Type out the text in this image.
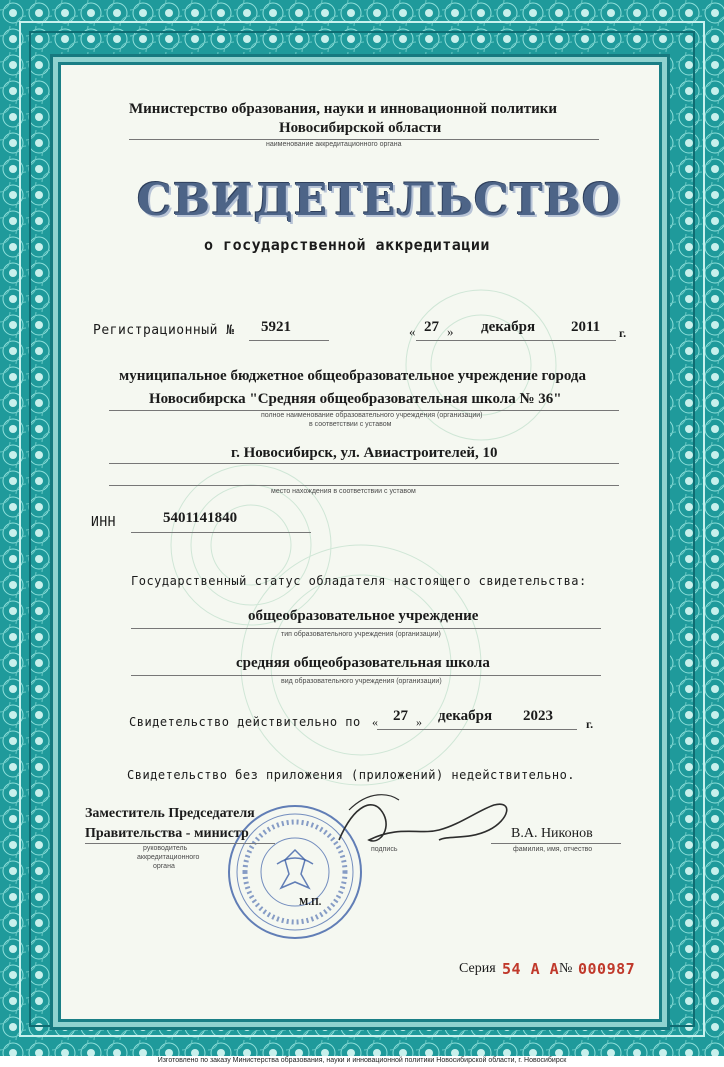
Министерство образования, науки и инновационной политики
Новосибирской области
наименование аккредитационного органа
СВИДЕТЕЛЬСТВО
о государственной аккредитации
Регистрационный № 5921	« 27 » декабря 2011 г.
муниципальное бюджетное общеобразовательное учреждение города
Новосибирска "Средняя общеобразовательная школа № 36"
полное наименование образовательного учреждения (организации)
в соответствии с уставом
г. Новосибирск, ул. Авиастроителей, 10
место нахождения в соответствии с уставом
ИНН	5401141840
Государственный статус обладателя настоящего свидетельства:
общеобразовательное учреждение
тип образовательного учреждения (организации)
средняя общеобразовательная школа
вид образовательного учреждения (организации)
Свидетельство действительно по « 27 » декабря 2023	г.
Свидетельство без приложения (приложений) недействительно.
Заместитель Председателя
Правительства - министр
руководитель
аккредитационного
органа
подпись
В.А. Никонов
фамилия, имя, отчество
М.П.
Серия 54 А А № 000987
Изготовлено по заказу Министерства образования, науки и инновационной политики Новосибирской области, г. Новосибирск
